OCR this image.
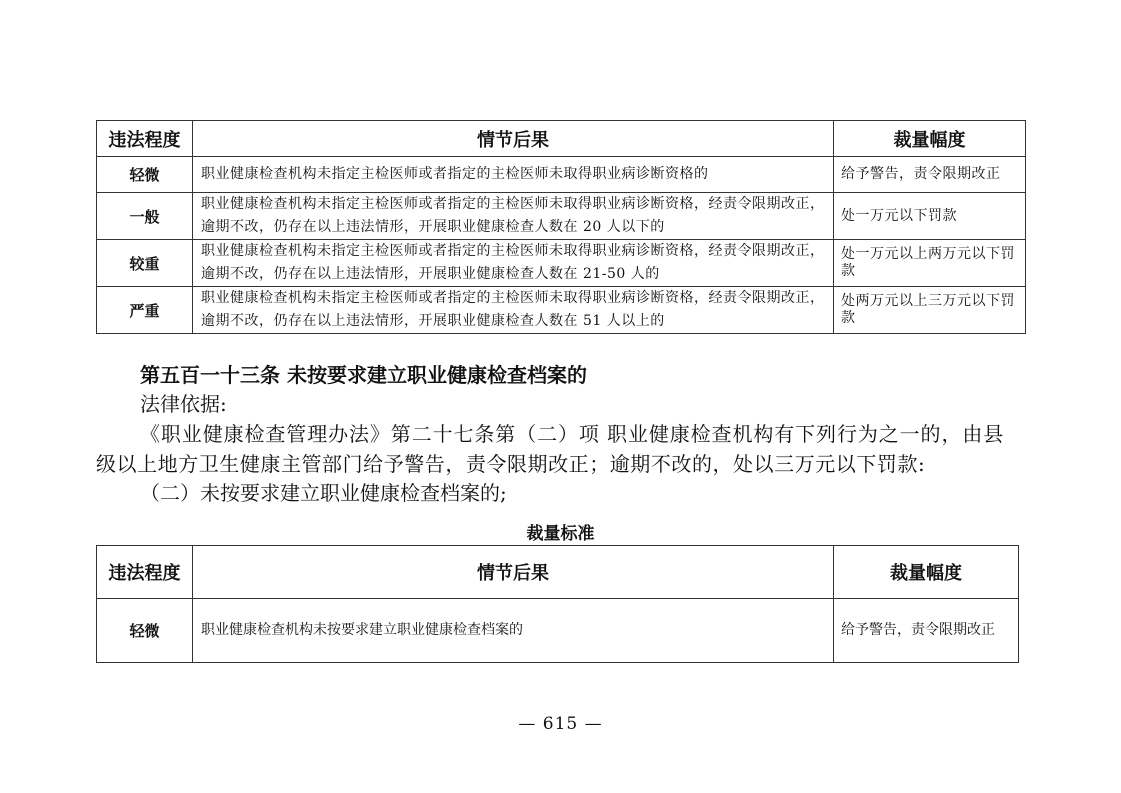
违法程度	情节后果	裁量幅度
轻微	职业健康检查机构未指定主检医师或者指定的主检医师未取得职业病诊断资格的	给予警告，责令限期改正
一般	职业健康检查机构未指定主检医师或者指定的主检医师未取得职业病诊断资格，经责令限期改正，逾期不改，仍存在以上违法情形，开展职业健康检查人数在 20 人以下的	处一万元以下罚款
较重	职业健康检查机构未指定主检医师或者指定的主检医师未取得职业病诊断资格，经责令限期改正，逾期不改，仍存在以上违法情形，开展职业健康检查人数在 21-50 人的	处一万元以上两万元以下罚款
严重	职业健康检查机构未指定主检医师或者指定的主检医师未取得职业病诊断资格，经责令限期改正，逾期不改，仍存在以上违法情形，开展职业健康检查人数在 51 人以上的	处两万元以上三万元以下罚款
第五百一十三条 未按要求建立职业健康检查档案的
法律依据:
《职业健康检查管理办法》第二十七条第（二）项 职业健康检查机构有下列行为之一的，由县
级以上地方卫生健康主管部门给予警告，责令限期改正；逾期不改的，处以三万元以下罚款:
（二）未按要求建立职业健康检查档案的;
裁量标准
违法程度	情节后果	裁量幅度
轻微	职业健康检查机构未按要求建立职业健康检查档案的	给予警告，责令限期改正
— 615 —
